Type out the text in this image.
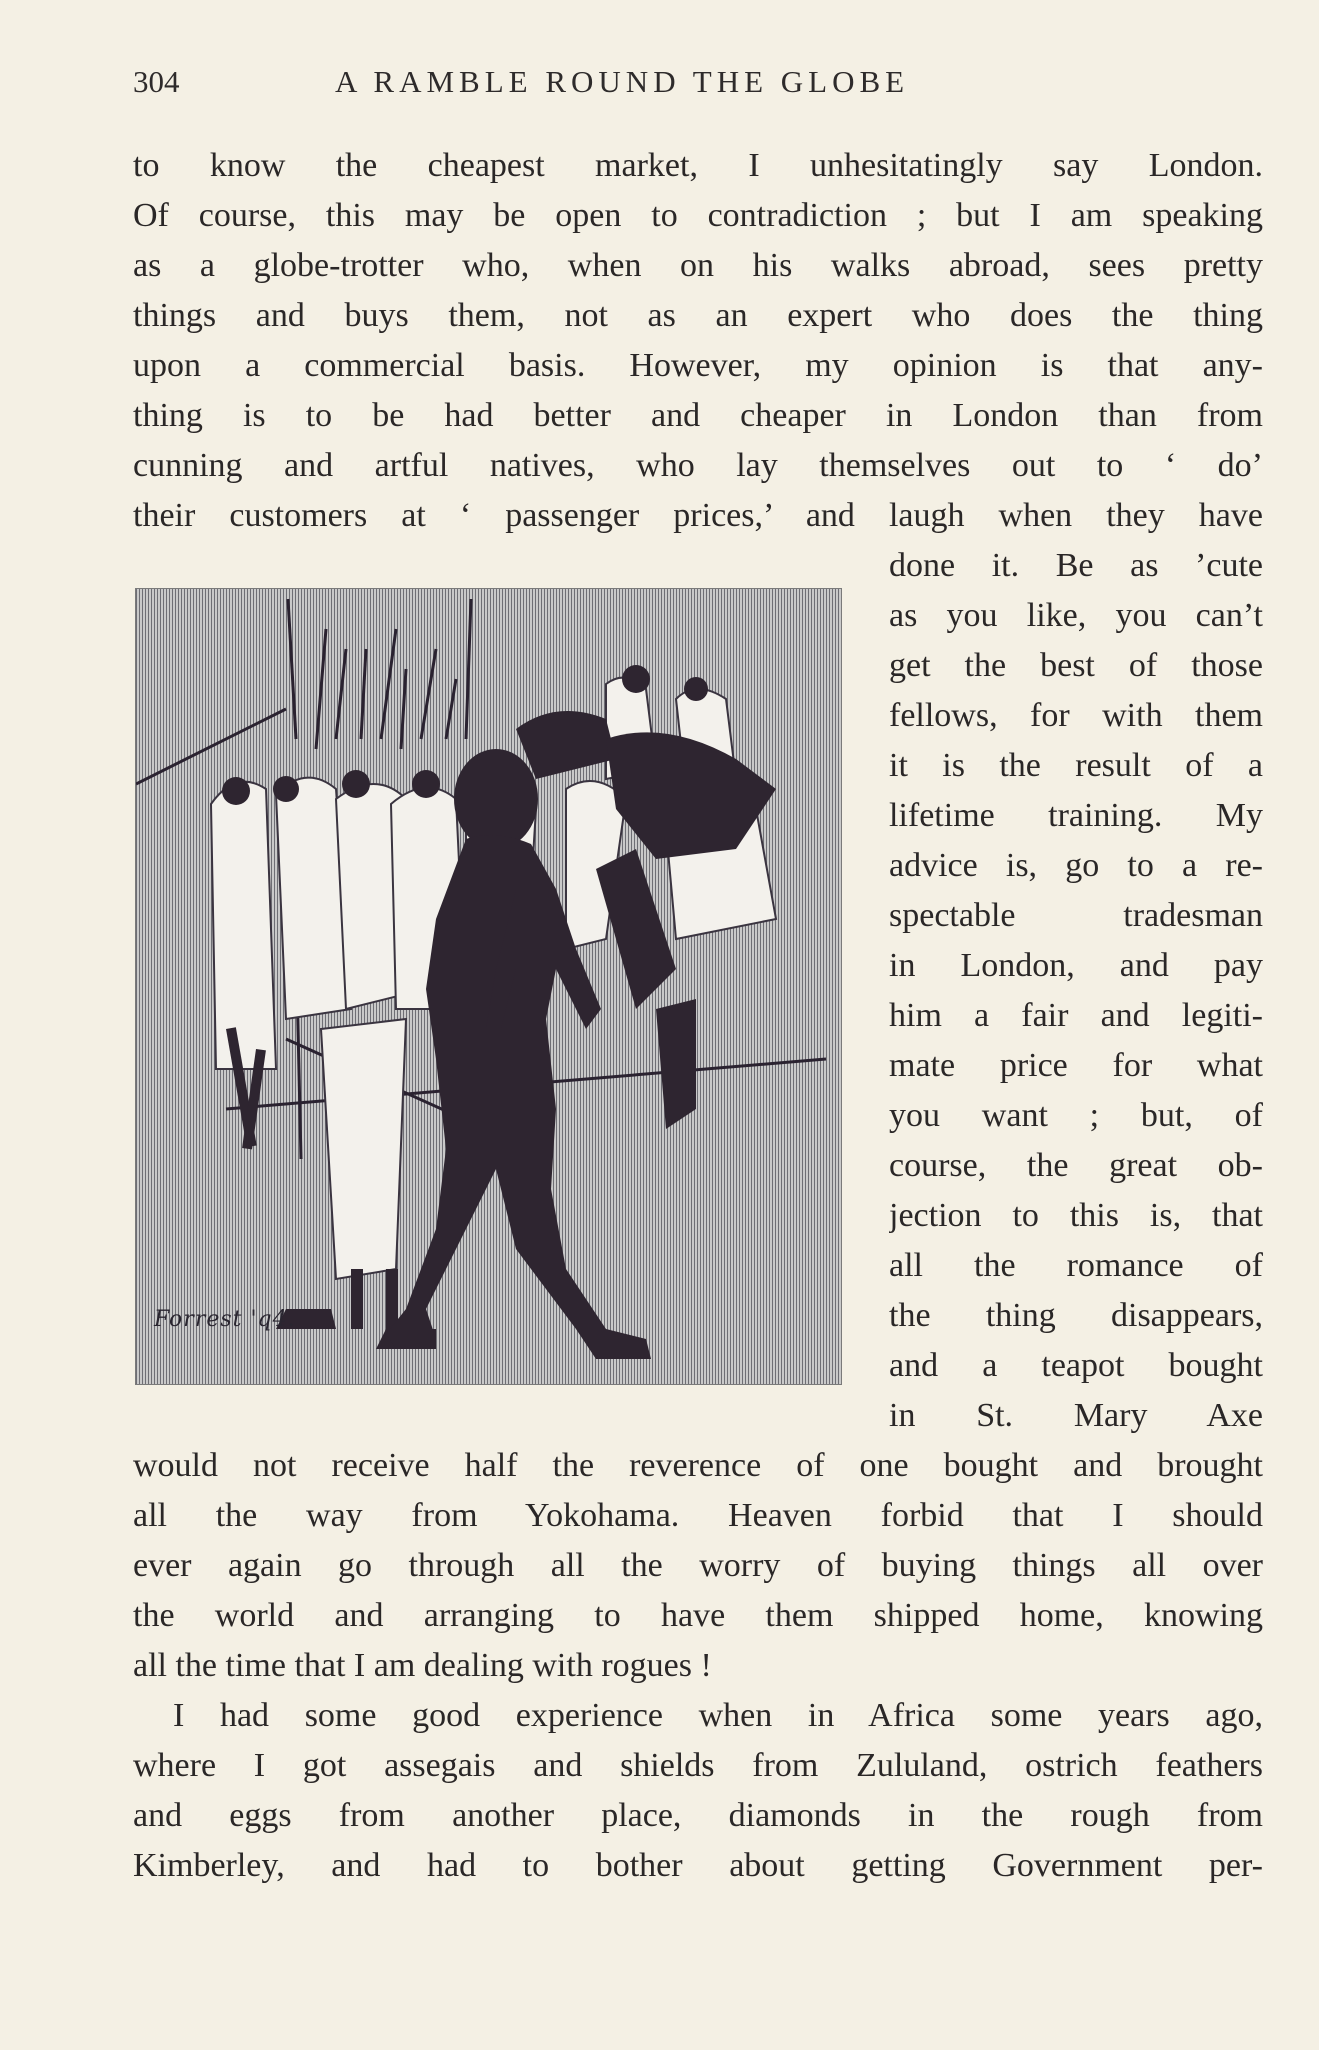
304	A RAMBLE ROUND THE GLOBE
to know the cheapest market, I unhesitatingly say London.
Of course, this may be open to contradiction ; but I am speaking
as a globe-trotter who, when on his walks abroad, sees pretty
things and buys them, not as an expert who does the thing
upon a commercial basis. However, my opinion is that any-
thing is to be had better and cheaper in London than from
cunning and artful natives, who lay themselves out to ‘ do’
their customers at ‘ passenger prices,’ and laugh when they have
Forrest 'q4.
done it. Be as ’cute
as you like, you can’t
get the best of those
fellows, for with them
it is the result of a
lifetime training. My
advice is, go to a re-
spectable tradesman
in London, and pay
him a fair and legiti-
mate price for what
you want ; but, of
course, the great ob-
jection to this is, that
all the romance of
the thing disappears,
and a teapot bought
in St. Mary Axe
would not receive half the reverence of one bought and brought
all the way from Yokohama. Heaven forbid that I should
ever again go through all the worry of buying things all over
the world and arranging to have them shipped home, knowing
all the time that I am dealing with rogues !
I had some good experience when in Africa some years ago,
where I got assegais and shields from Zululand, ostrich feathers
and eggs from another place, diamonds in the rough from
Kimberley, and had to bother about getting Government per-
